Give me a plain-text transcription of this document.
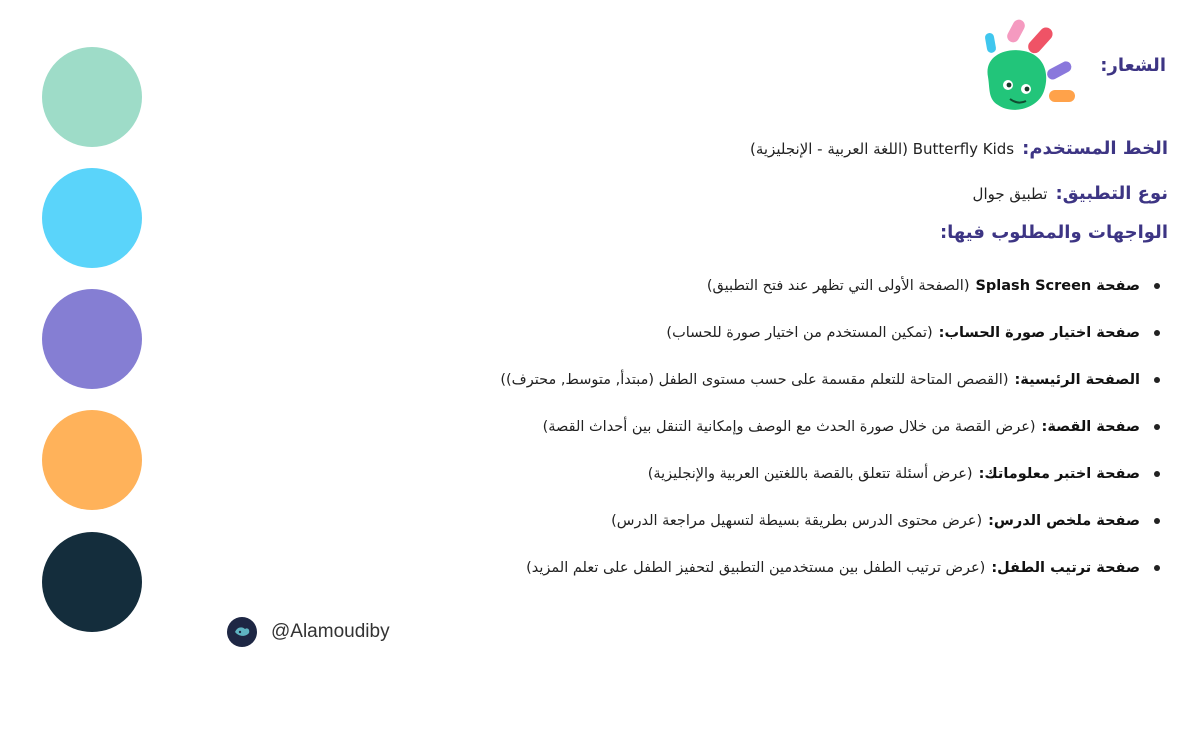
الشعار:
الخط المستخدم:
Butterfly Kids (اللغة العربية - الإنجليزية)
نوع التطبيق:
تطبيق جوال
الواجهات والمطلوب فيها:
صفحة Splash Screen
(الصفحة الأولى التي تظهر عند فتح التطبيق)
صفحة اختيار صورة الحساب:
(تمكين المستخدم من اختيار صورة للحساب)
الصفحة الرئيسية:
(القصص المتاحة للتعلم مقسمة على حسب مستوى الطفل (مبتدأ, متوسط, محترف))
صفحة القصة:
(عرض القصة من خلال صورة الحدث مع الوصف وإمكانية التنقل بين أحداث القصة)
صفحة اختبر معلوماتك:
(عرض أسئلة تتعلق بالقصة باللغتين العربية والإنجليزية)
صفحة ملخص الدرس:
(عرض محتوى الدرس بطريقة بسيطة لتسهيل مراجعة الدرس)
صفحة ترتيب الطفل:
(عرض ترتيب الطفل بين مستخدمين التطبيق لتحفيز الطفل على تعلم المزيد)
@Alamoudiby
